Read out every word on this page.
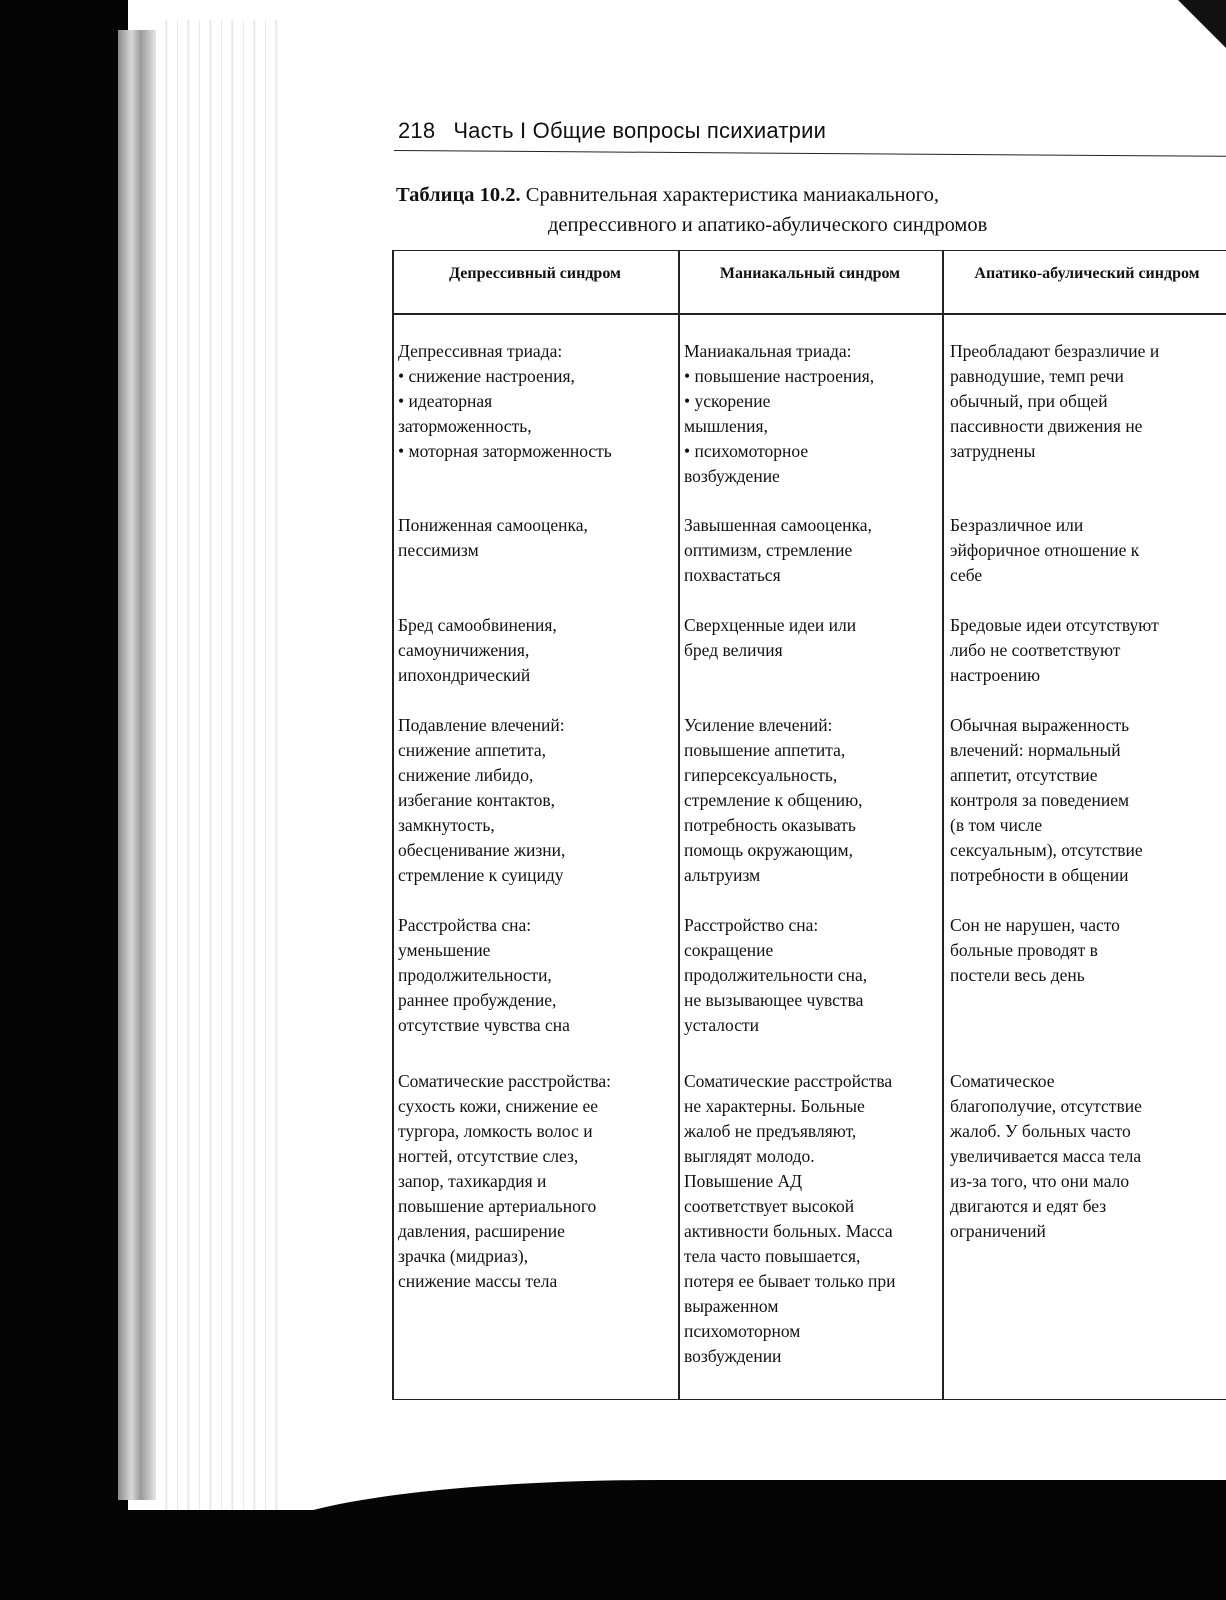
218 Часть I Общие вопросы психиатрии
Таблица 10.2. Сравнительная характеристика маниакального,
депрессивного и апатико-абулического синдромов
Депрессивный синдром	Маниакальный синдром	Апатико-абулический синдром
Депрессивная триада:
• снижение настроения,
• идеаторная
заторможенность,
• моторная заторможенность
Маниакальная триада:
• повышение настроения,
• ускорение
мышления,
• психомоторное
возбуждение
Преобладают безразличие и
равнодушие, темп речи
обычный, при общей
пассивности движения не
затруднены
Пониженная самооценка,
пессимизм
Завышенная самооценка,
оптимизм, стремление
похвастаться
Безразличное или
эйфоричное отношение к
себе
Бред самообвинения,
самоуничижения,
ипохондрический
Сверхценные идеи или
бред величия
Бредовые идеи отсутствуют
либо не соответствуют
настроению
Подавление влечений:
снижение аппетита,
снижение либидо,
избегание контактов,
замкнутость,
обесценивание жизни,
стремление к суициду
Усиление влечений:
повышение аппетита,
гиперсексуальность,
стремление к общению,
потребность оказывать
помощь окружающим,
альтруизм
Обычная выраженность
влечений: нормальный
аппетит, отсутствие
контроля за поведением
(в том числе
сексуальным), отсутствие
потребности в общении
Расстройства сна:
уменьшение
продолжительности,
раннее пробуждение,
отсутствие чувства сна
Расстройство сна:
сокращение
продолжительности сна,
не вызывающее чувства
усталости
Сон не нарушен, часто
больные проводят в
постели весь день
Соматические расстройства:
сухость кожи, снижение ее
тургора, ломкость волос и
ногтей, отсутствие слез,
запор, тахикардия и
повышение артериального
давления, расширение
зрачка (мидриаз),
снижение массы тела
Соматические расстройства
не характерны. Больные
жалоб не предъявляют,
выглядят молодо.
Повышение АД
соответствует высокой
активности больных. Масса
тела часто повышается,
потеря ее бывает только при
выраженном
психомоторном
возбуждении
Соматическое
благополучие, отсутствие
жалоб. У больных часто
увеличивается масса тела
из-за того, что они мало
двигаются и едят без
ограничений
